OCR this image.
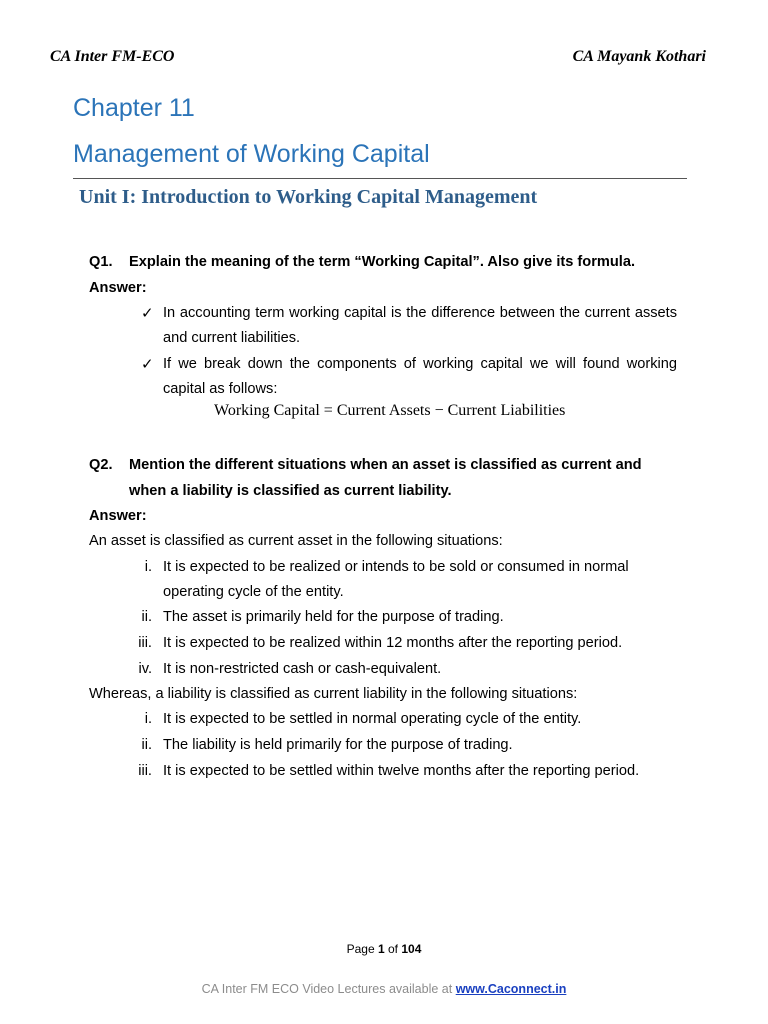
CA Inter FM-ECO	CA Mayank Kothari
Chapter 11
Management of Working Capital
Unit I: Introduction to Working Capital Management
Q1. Explain the meaning of the term “Working Capital”. Also give its formula.
Answer:
✓ In accounting term working capital is the difference between the current assets and current liabilities.
✓ If we break down the components of working capital we will found working capital as follows:
Working Capital = Current Assets − Current Liabilities
Q2. Mention the different situations when an asset is classified as current and
when a liability is classified as current liability.
Answer:
An asset is classified as current asset in the following situations:
i. It is expected to be realized or intends to be sold or consumed in normal operating cycle of the entity.
ii. The asset is primarily held for the purpose of trading.
iii. It is expected to be realized within 12 months after the reporting period.
iv. It is non-restricted cash or cash-equivalent.
Whereas, a liability is classified as current liability in the following situations:
i. It is expected to be settled in normal operating cycle of the entity.
ii. The liability is held primarily for the purpose of trading.
iii. It is expected to be settled within twelve months after the reporting period.
Page 1 of 104
CA Inter FM ECO Video Lectures available at www.Caconnect.in
